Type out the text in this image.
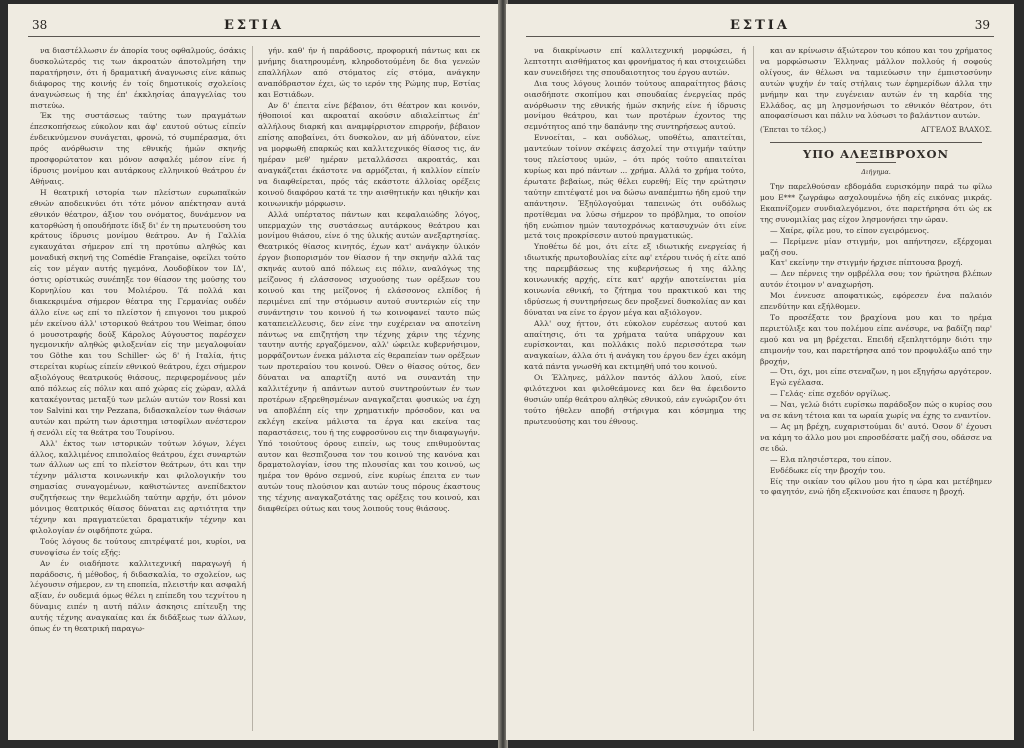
38	ΕΣΤΙΑ

να διαστέλλωσιν έν άπορία τους οφθαλμούς, όσάκις δυσκολώτερός τις των άκροατών άποτολμήση την παρατήρησιν, ότι ή δραματική άναγνωσις είνε κάπως διάφορος της κοινής έν τοίς δημοτικοίς σχολείοις άναγνώσεως ή της έπ' έκκλησίας άπαγγελίας του πιστεύω.

Έκ της συστάσεως ταύτης των πραγμάτων έπεσκοπήσεως εύκολον και άφ' εαυτού ούτως είπείν ένδεικνύμενον συνάγεται, φρονώ, τό συμπέρασμα, ότι πρός ανόρθωσιν της εθνικής ήμών σκηνής προσφορώτατον και μόνον ασφαλές μέσον είνε ή ίδρυσις μονίμου και αυτάρκους ελληνικού θεάτρου έν Αθήναις.

Η θεατρική ιστορία των πλείστων ευρωπαϊκών εθνών αποδεικνύει ότι τότε μόνον απέκτησαν αυτά εθνικόν θέατρον, άξιον του ονόματος, δυνάμενον να κατορθώση ή οπουδήποτε ίδιξ δι' έν τη πρωτευούση του κράτους ίδρυσις μονίμου θεάτρου. Αν ή Γαλλία εγκαυχάται σήμερον επί τη προτύπω αληθώς και μοναδική σκηνή της Comédie Française, οφείλει τούτο είς τον μέγαν αυτής ηγεμόνα, Λουδοβίκον τον ΙΔ', όστις ορίστικώς συνέπηξε τον θίασον της μούσης του Κορνηλίου και του Μολιέρου. Τά πολλά και διακεκριμένα σήμερον θέατρα της Γερμανίας ουδέν άλλο είνε ως επί το πλείστον ή επιγονοι του μικρού μέν εκείνου άλλ' ιστορικού θεάτρου του Weimar, όπου ό μουσοτραφής δούξ Κάρολος Αύγουστος παρέσχεν ηγεμονικήν αληθώς φιλοξενίαν είς την μεγαλοφυίαν του Göthe και του Schiller· ώς δ' ή Ιταλία, ήτις στερείται κυρίως είπείν εθνικού θεάτρου, έχει σήμερον αξιολόγους θεατρικούς θιάσους, περιφερομένους μέν από πόλεως είς πόλιν και από χώρας είς χώραν, αλλά κατακέγοντας μεταξύ των μελών αυτών τον Rossi και τον Salvini και την Pezzana, διδασκαλείον των θιάσων αυτών και πρώτη των άριστημα ιστοφίλων ανέστερον ή σενόλι είς τα θεάτρα του Τουρίνου.

Αλλ' έκτος των ιστορικών τούτων λόγων, λέγει άλλος, καλλιμένος επιπολαίος θεάτρου, έχει συναρτών των άλλων ως επί το πλείστον θεάτρων, ότι και την τέχνην μάλιστα κοινωνικήν και φιλολογικήν του σημασίας συναγομένων, καθιστώντες ανεπίδεκτον συζητήσεως την θεμελιώδη ταύτην αρχήν, ότι μόνον μόνιμος θεατρικός θίασος δύναται εις αρτιότητα την τέχνην και πραγματεύεται δραματικήν τέχνην και φιλολογίαν έν οιφδήποτε χώρα.

Τούς λόγους δε τούτους επιτρέψατέ μοι, κυρίοι, να συνοψίσω έν τοίς εξής:

Αν έν οιαδήποτε καλλιτεχνική παραγωγή ή παράδοσις, ή μέθοδος, ή διδασκαλία, το σχολείον, ως λέγουσιν σήμερον, εν τη εποπεία, πλειστήν και ασφαλή αξίαν, έν ουδεμιά όμως θέλει η επίπεδη του τεχνίτου η δύναμις ειπέν η αυτή πάλιν άσκησις επίτευξη της αυτής τέχνης αναγκαίας και έκ διδάξεως των άλλων, όπως έν τη θεατρική παραγω-

γήν. καθ' ήν ή παράδοσις, προφορική πάντως και εκ μνήμης διατηρουμένη, κληροδοτούμένη δε δια γενεών επαλλήλων από στόματος είς στόμα, ανάγκην αναπόδραστον έχει, ώς το ιερόν της Ρώμης πυρ, Εστίας και Εστιάδων.

Αν δ' έπειτα είνε βέβαιον, ότι θέατρον και κοινόν, ήθοποιοί και ακροαταί ακούσιν αδιαλείπτως έπ' αλλήλους διαρκή και αναμφίρριστον επιρροήν, βέβαιον επίσης αποβαίνει, ότι δυσκολον, αν μή άδύνατον, είνε να μορφωθή επαρκώς και καλλιτεχνικός θίασος τις, άν ημέραν μεθ' ημέραν μεταλλάσσει ακροατάς, και αναγκάζεται έκάστοτε να αρμόζεται, ή καλλίον είπείν να διαφθείρεται, πρός τάς εκάστοτε άλλοίας ορέξεις κοινού διαφόρου κατά τε την αισθητικήν και ηθικήν και κοινωνικήν μόρφωσιν.

Αλλά υπέρτατος πάντων και κεφαλαιώδης λόγος, υπερμαχών της συστάσεως αυτάρκους θεάτρου και μονίμου θιάσου, είνε ό της ύλικής αυτών ανεξαρτησίας. Θεατρικός θίασος κινητός, έχων κατ' ανάγκην ύλικόν έργον βιοπορισμόν τον θίασον ή την σκηνήν αλλά τας σκηνάς αυτού από πόλεως εις πόλιν, αναλόγως της μείζονος ή ελάσσονος ισχυούσης των ορέξεων του κοινού και της μείζονος ή ελάσσονος ελπίδος ή περιμένει επί την στόμωσιν αυτού συντεριών είς την συνάντησιν του κοινού ή τω κοινοφανεί ταυτο πώς καταπειελλευσις, δεν είνε την ευχέρειαν να αποτείνη πάντως να επιζητήση την τέχνης χάριν της τέχνης ταυτην αυτής εργαζόμενον, αλλ' ώφειλε κυβερνήσιμον, μορφάζοντων ένεκα μάλιστα είς θεραπείαν των ορέξεων των προτεραίου του κοινού. Όθεν ο θίασος ούτος, δεν δύναται να απαρτίζη αυτό να συναντάη την καλλιτέχνην ή απάντων αυτού συντηρούντων έν των προτέρων εξηρεθησμένων αναγκαζεται φυσικώς να έχη να αποβλέπη είς την χρηματικήν πρόσοδον, και να εκλέγη εκείνα μάλιστα τα έργα και εκείνα τας παραστάσεις, του ή της ευφροσύνου εις την διαφαγωγήν. Υπό τοιούτους όρους ειπείν, ως τους επιθυμούντας αυτον και θεσπιζουσα τον του κοινού της κανόνα και δραματολογίαν, ίσου της πλουσίας και του κοινού, ως ημέρα τον θρόνο σεμνού, είνε κυρίως έπειτα εν των αυτών τους πλούσιον και αυτών τους πόρους έκαστους της τέχνης αναγκαζοτάτης τας ορέξεις του κοινού, και διαφθείρει ούτως και τους λοιπούς τους θιάσους.

ΕΣΤΙΑ	39

να διακρίνωσιν επί καλλιτεχνική μορφώσει, ή λεπτοτητι αισθήματος και φρονήματος ή και στοιχειώδει καν συνειδήσει της σπουδαιοτητος του έργου αυτών.

Δια τους λόγους λοιπόν τούτους απαραίτητος βάσις οιασδήποτε σκοπίμου και σπουδαίας ένεργείας πρός ανόρθωσιν της εθνικής ήμών σκηνής είνε ή ίδρυσις μονίμου θεάτρου, και των προτέρων έχοντος της σεμνότητος από την δαπάνην της συντηρήσεως αυτού.

Εννοείται, – και ουδόλως, υποθέτω, απαιτείται, μαντεύων τοίνυν σκέψεις άσχολεί την στιγμήν ταύτην τους πλείστους υμών, – ότι πρός τούτο απαιτείται κυρίως και πρό πάντων ... χρήμα. Αλλά το χρήμα τούτο, έρωτατε βεβαίως, πώς θέλει ευρεθή; Είς την ερώτησιν ταύτην επιτέψατέ μοι να δώσω αναπέμπτω ήδη εμού την απάντησιν. Έξηύλογούμαι ταπεινώς ότι ουδόλως προτίθεμαι να λύσω σήμερον το πρόβλημα, το οποίον ήδη ενώπιον ημών ταυτοχρόνως κατασυχνών ότι είνε μετά τοις προκρίσεσιν αυτού πραγματικώς.

Υποθέτω δέ μοι, ότι είτε εξ ιδιωτικής ενεργείας ή ιδιωτικής πρωτοβουλίας είτε αφ' ετέρου τινός ή είτε από της παρεμβάσεως της κυβερνήσεως ή της άλλης κοινωνικής αρχής, είτε κατ' αρχήν αποτείνεται μία κοινωνία εθνική, το ζήτημα του πρακτικού και της ιδρύσεως ή συντηρήσεως δεν προξενεί δυσκολίας αν και δύναται να είνε το έργον μέγα και αξιόλογον.

Αλλ' ουχ ήττον, ότι εύκολον ευρέσεως αυτού και απαίτησις, ότι τα χρήματα ταύτα υπάρχουν και ευρίσκονται, και πολλάκις πολύ περισσότερα των αναγκαίων, άλλα ότι ή ανάγκη του έργου δεν έχει ακόμη κατά πάντα γνωσθή και εκτιμηθή υπό του κοινού.

Οι Έλληνες, μάλλον παντός άλλου λαού, είνε φιλότεχνοι και φιλοθεάμονες και δεν θα έφειδοντο θυσιών υπέρ θεάτρου αληθώς εθνικού, εάν εγνώριζον ότι τούτο ήθελεν αποβή στήριγμα και κόσμημα της πρωτευούσης και του έθνους.

και αν κρίνωσιν άξιώτερον του κόπου και του χρήματος να μορφώσωσιν Έλληνας μάλλον πολλούς ή σοφούς ολίγους, άν θέλωσι να ταμιεύωσιν την έμπιστοσύνην αυτών ψυχήν έν ταίς στήλαις των έφημερίδων άλλα την μνήμην και την ευγένειαν αυτών έν τη καρδία της Ελλάδος, ας μη λησμονήσωσι το εθνικόν θέατρον, ότι αποφασίσωσι και πάλιν να λύσωσι το βαλάντιον αυτών.

(Έπεται το τέλος.)	ΑΓΓΕΛΟΣ ΒΛΑΧΟΣ.
ΥΠΟ ΑΛΕΞΙΒΡΟΧΟΝ
Διήγημα.

Την παρελθούσαν εβδομάδα ευρισκόμην παρά τω φίλω μου Ε*** ζωγράφω ασχολουμένω ήδη είς εικόνας μικράς. Εκαπνίζομεν συνδιαλεγόμενοι, ότε παρετήρησα ότι ώς εκ της συνομιλίας μας είχον λησμονήσει την ώραν.

— Χαίρε, φίλε μου, το είπον εγειρόμενος.

— Περίμενε μίαν στιγμήν, μοι απήντησεν, εξέρχομαι μαζή σου.

Κατ' εκείνην την στιγμήν ήρχισε πίπτουσα βροχή.

— Δεν πέρνεις την ομβρέλλα σου; τον ήρώτησα βλέπων αυτόν έτοιμον ν' αναχωρήση.

Μοι έννευσε αποφατικώς, εφόρεσεν ένα παλαιόν επενδύτην και εξήλθομεν.

Το προσέξατε τον βραχίονα μου και το ηρέμα περιετύλιξε και του πολέμου είπε ανέσυρε, να βαδίζη παρ' εμού και να μη βρέχεται. Επειδή εξεπληττόμην διότι την επιμονήν του, και παρετήρησα από τον προφυλάξω από την βροχήν,

— Ότι, όχι, μοι είπε στεναζων, η μοι εξηγήσω αργότερον.

Εγώ εγέλασα.

— Γελάς· είπε σχεδόν οργίλως.

— Ναι, γελώ διότι ευρίσκω παράδοξον πώς ο κυρίος σου να σε κάνη τέτοια και τα ωραία χωρίς να έχης το εναντίον.

— Ας μη βρέχη, ευχαριστούμαι δι' αυτό. Όσον δ' έχουσι να κάμη το άλλο μου μοι επροσδέσατε μαζή σου, οδάσσε να σε ιδώ.

— Ελα πλησιέστερα, του είπον.

Ενδέδωκε είς την βροχήν του.

Είς την οικίαν του φίλου μου ήτο η ώρα και μετέβημεν το φαγητόν, ενώ ήδη εξεκινούσε και έπαυσε η βροχή.
